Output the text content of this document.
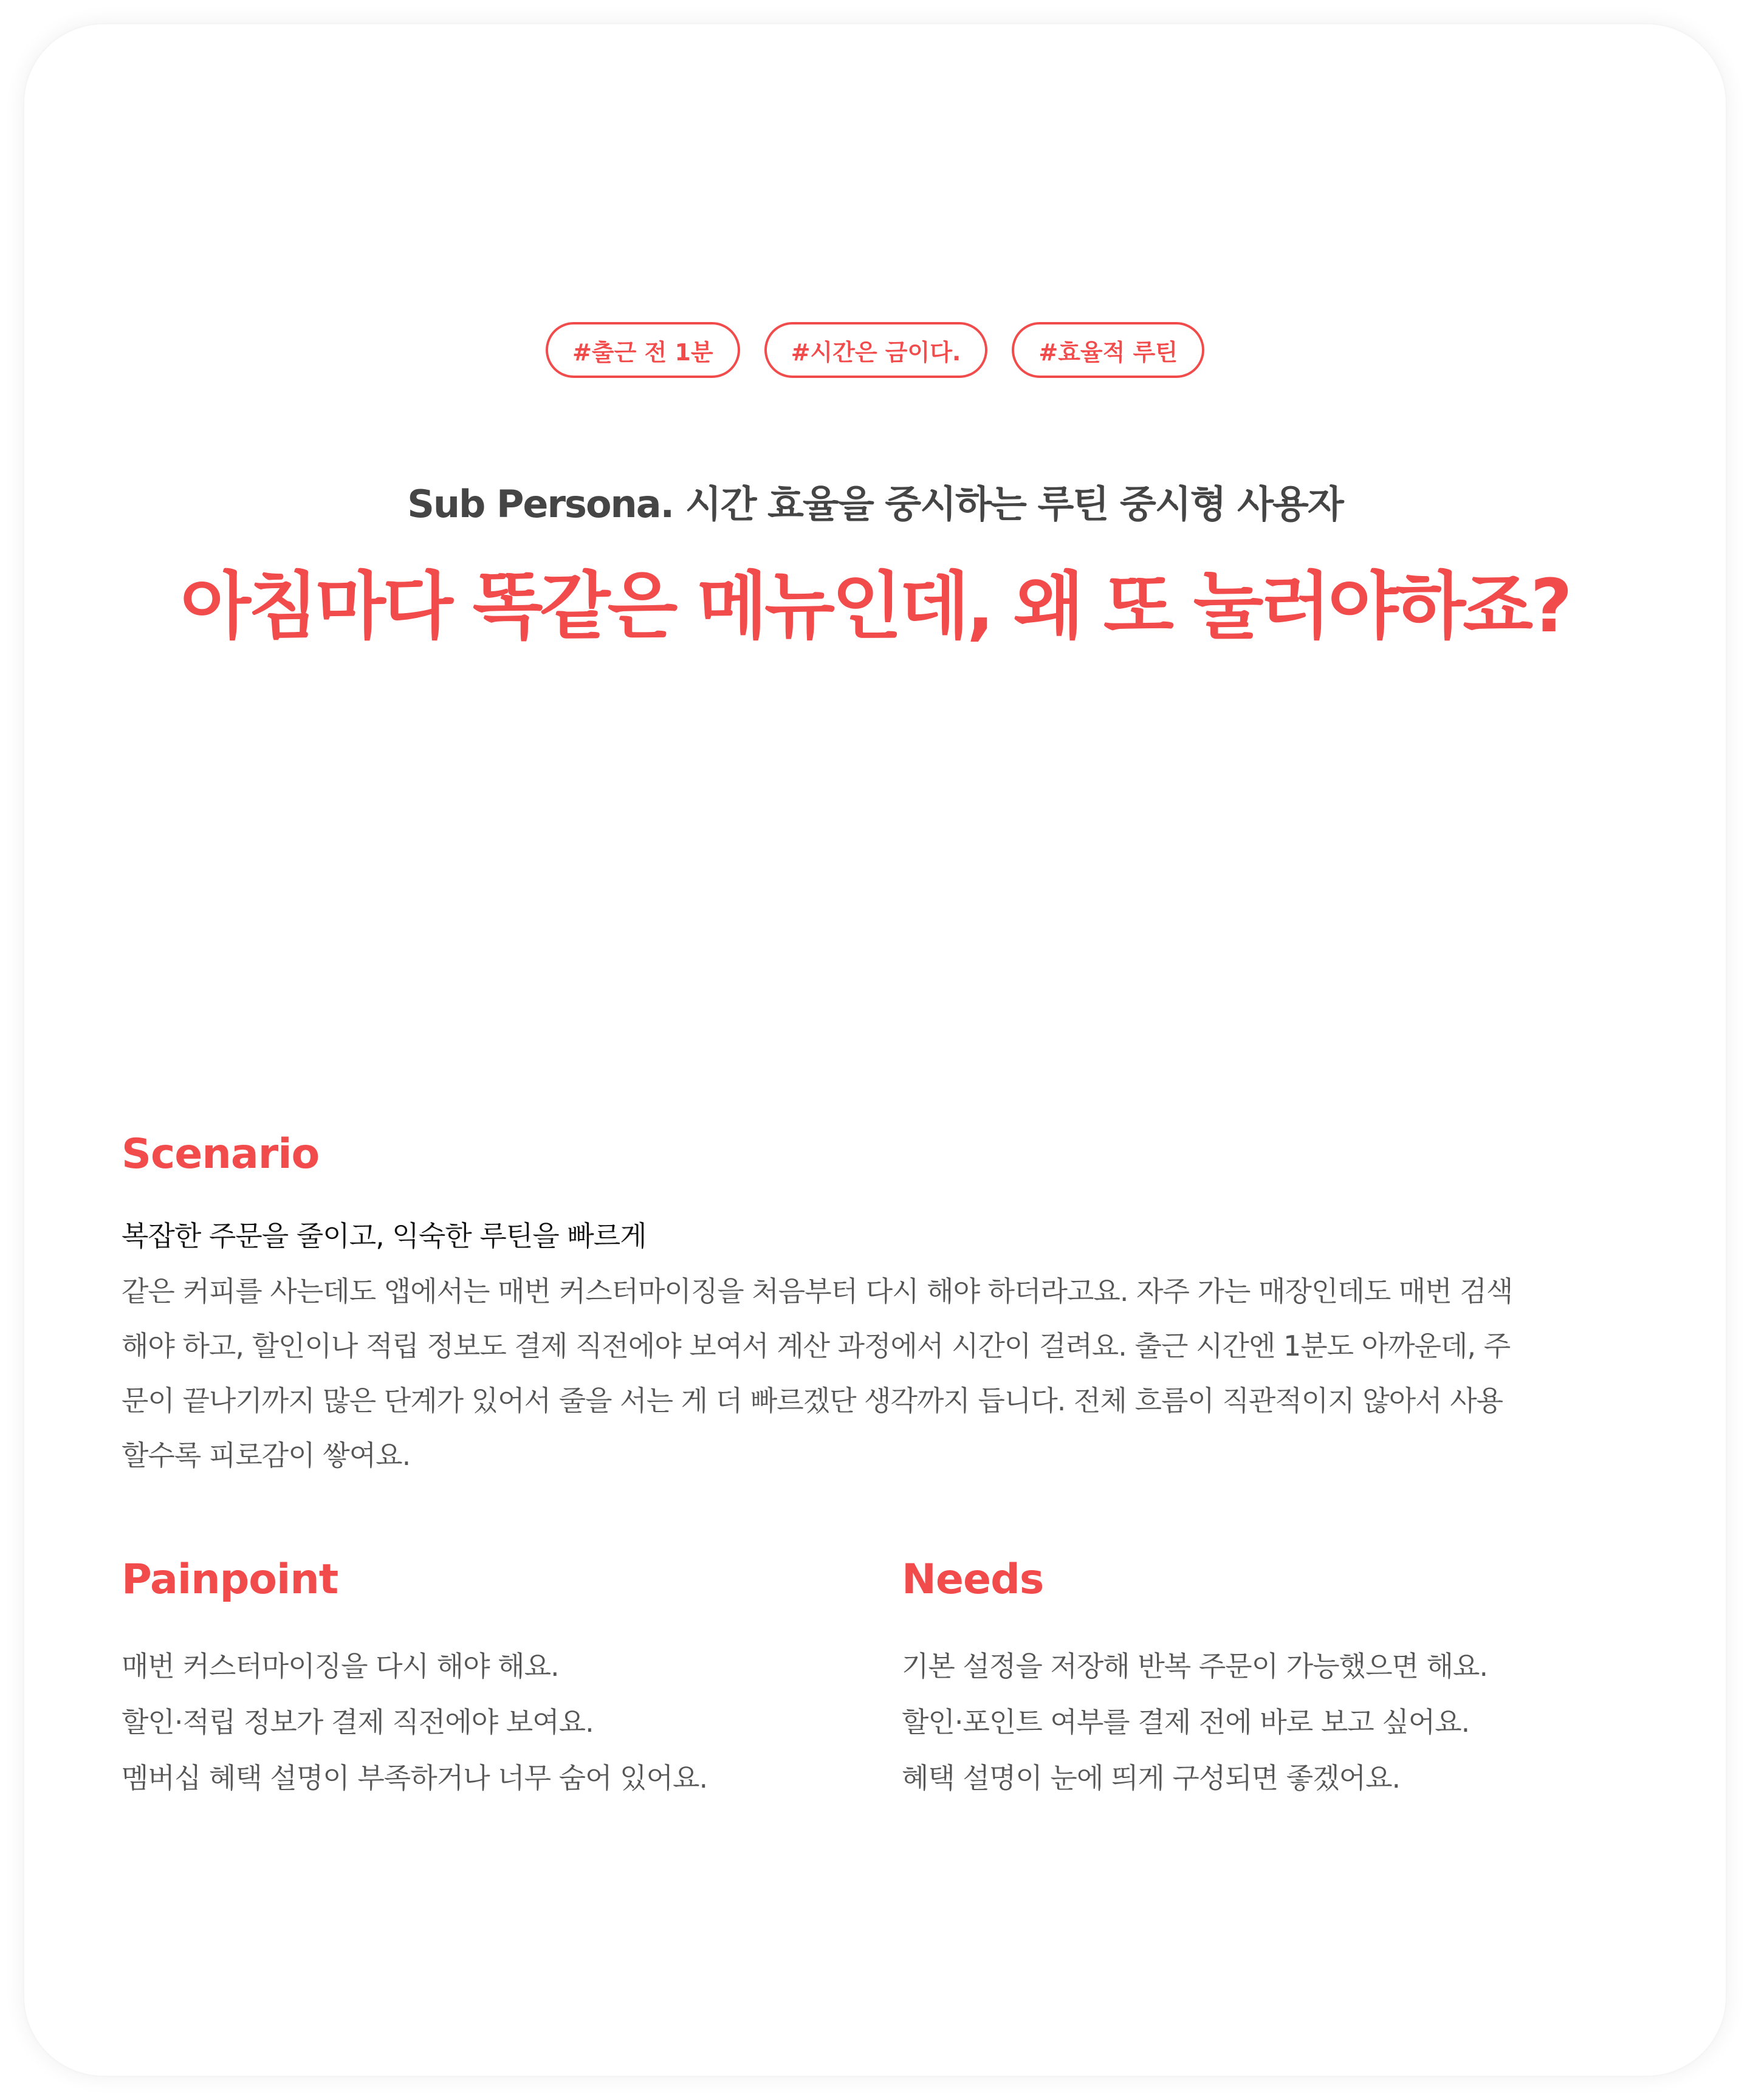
#출근 전 1분	#시간은 금이다.	#효율적 루틴
Sub Persona. 시간 효율을 중시하는 루틴 중시형 사용자
아침마다 똑같은 메뉴인데, 왜 또 눌러야하죠?
Scenario
복잡한 주문을 줄이고, 익숙한 루틴을 빠르게
같은 커피를 사는데도 앱에서는 매번 커스터마이징을 처음부터 다시 해야 하더라고요. 자주 가는 매장인데도 매번 검색
해야 하고, 할인이나 적립 정보도 결제 직전에야 보여서 계산 과정에서 시간이 걸려요. 출근 시간엔 1분도 아까운데, 주
문이 끝나기까지 많은 단계가 있어서 줄을 서는 게 더 빠르겠단 생각까지 듭니다. 전체 흐름이 직관적이지 않아서 사용
할수록 피로감이 쌓여요.
Painpoint
매번 커스터마이징을 다시 해야 해요.
할인·적립 정보가 결제 직전에야 보여요.
멤버십 혜택 설명이 부족하거나 너무 숨어 있어요.
Needs
기본 설정을 저장해 반복 주문이 가능했으면 해요.
할인·포인트 여부를 결제 전에 바로 보고 싶어요.
혜택 설명이 눈에 띄게 구성되면 좋겠어요.
